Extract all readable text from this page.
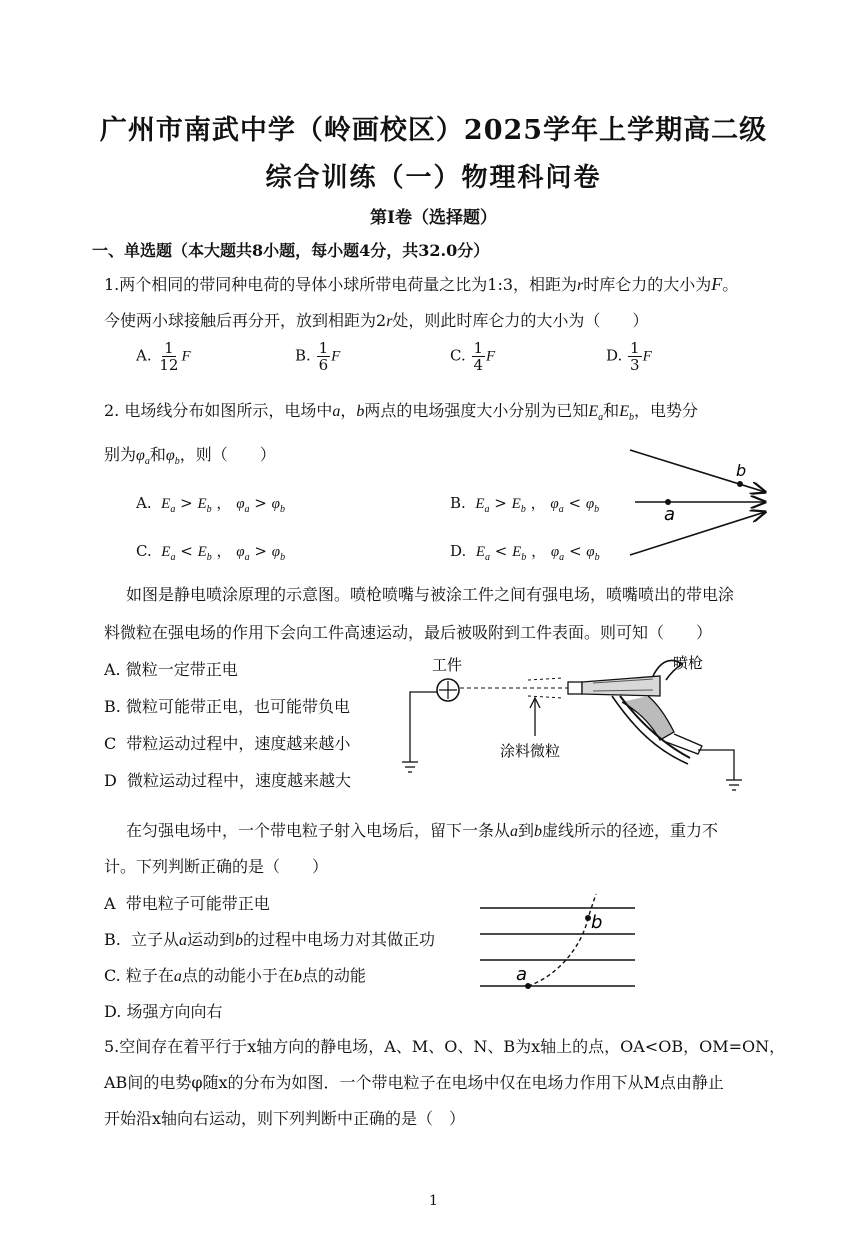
广州市南武中学（岭画校区）2025学年上学期高二级
综合训练（一）物理科问卷
第Ⅰ卷（选择题）
一、单选题（本大题共8小题，每小题4分，共32.0分）
1.两个相同的带同种电荷的导体小球所带电荷量之比为1:3，相距为r时库仑力的大小为F。
今使两小球接触后再分开，放到相距为2r处，则此时库仑力的大小为（　　）
A. $\frac{1}{12}$ F	B. $\frac{1}{6}$ F	C. $\frac{1}{4}$ F	D. $\frac{1}{3}$ F
2. 电场线分布如图所示，电场中a，b两点的电场强度大小分别为已知$E_a$和$E_b$，电势分
别为$\varphi_a$和$\varphi_b$，则（　　）
A. $E_a > E_b$ ， $\varphi_a > \varphi_b$	B. $E_a > E_b$ ， $\varphi_a < \varphi_b$
C. $E_a < E_b$ ， $\varphi_a > \varphi_b$	D. $E_a < E_b$ ， $\varphi_a < \varphi_b$
b
a
如图是静电喷涂原理的示意图。喷枪喷嘴与被涂工件之间有强电场，喷嘴喷出的带电涂
料微粒在强电场的作用下会向工件高速运动，最后被吸附到工件表面。则可知（　　）
A. 微粒一定带正电
B. 微粒可能带正电，也可能带负电
C 带粒运动过程中，速度越来越小
D 微粒运动过程中，速度越来越大
工件	喷枪
涂料微粒
在匀强电场中，一个带电粒子射入电场后，留下一条从a到b虚线所示的径迹，重力不
计。下列判断正确的是（　　）
A 带电粒子可能带正电
B. 立子从a运动到b的过程中电场力对其做正功
C. 粒子在a点的动能小于在b点的动能
D. 场强方向向右
a
b
5.空间存在着平行于x轴方向的静电场，A、M、O、N、B为x轴上的点，OA<OB，OM=ON，
AB间的电势φ随x的分布为如图．一个带电粒子在电场中仅在电场力作用下从M点由静止
开始沿x轴向右运动，则下列判断中正确的是（　）
1
